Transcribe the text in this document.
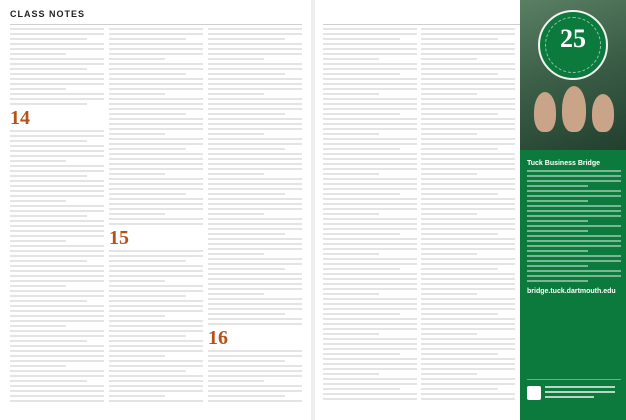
CLASS NOTES
14
15
16
25
Tuck Business Bridge
bridge.tuck.dartmouth.edu
